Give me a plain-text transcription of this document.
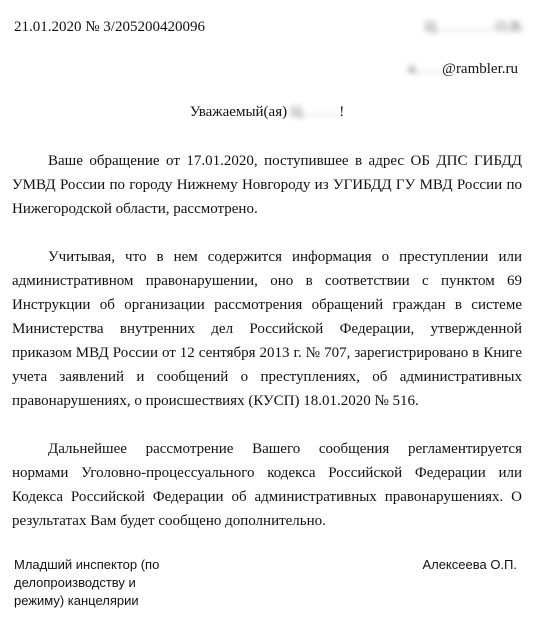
21.01.2020 № 3/205200420096	Ц. . . . . . . . О.В.
к. . . .@rambler.ru
Уважаемый(ая) Ц. . . . . !

Ваше обращение от 17.01.2020, поступившее в адрес ОБ ДПС ГИБДД УМВД России по городу Нижнему Новгороду из УГИБДД ГУ МВД России по Нижегородской области, рассмотрено.

Учитывая, что в нем содержится информация о преступлении или административном правонарушении, оно в соответствии с пунктом 69 Инструкции об организации рассмотрения обращений граждан в системе Министерства внутренних дел Российской Федерации, утвержденной приказом МВД России от 12 сентября 2013 г. № 707, зарегистрировано в Книге учета заявлений и сообщений о преступлениях, об административных правонарушениях, о происшествиях (КУСП) 18.01.2020 № 516.

Дальнейшее рассмотрение Вашего сообщения регламентируется нормами Уголовно-процессуального кодекса Российской Федерации или Кодекса Российской Федерации об административных правонарушениях. О результатах Вам будет сообщено дополнительно.

Младший инспектор (по делопроизводству и режиму) канцелярии
Алексеева О.П.
